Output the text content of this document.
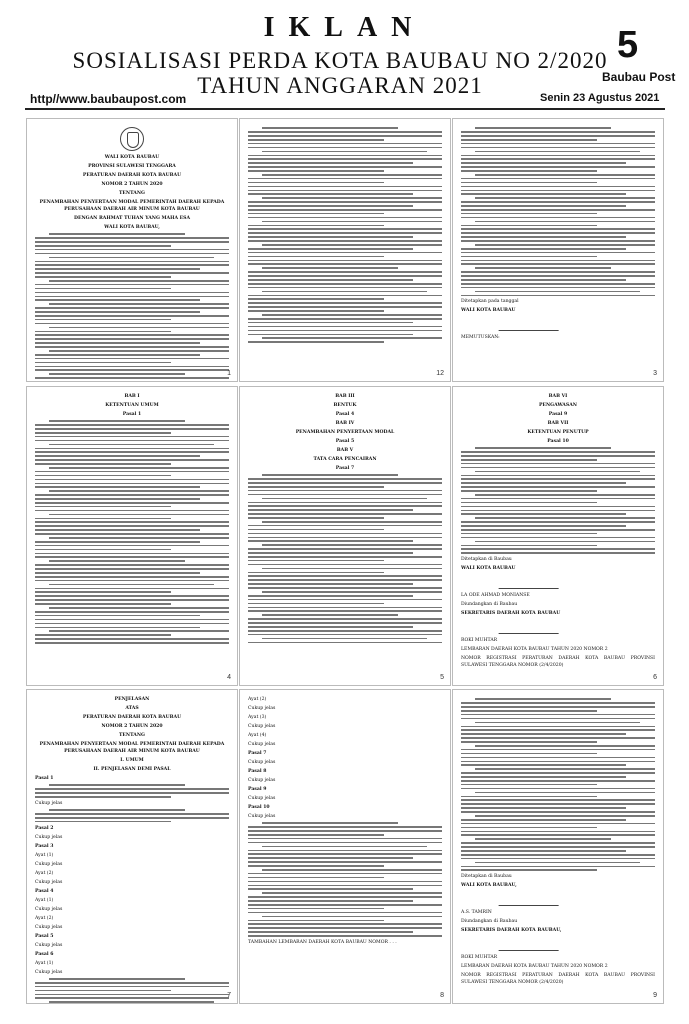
IKLAN
SOSIALISASI PERDA KOTA BAUBAU NO 2/2020
TAHUN ANGGARAN 2021
5
Baubau Post
http//www.baubaupost.com	Senin 23 Agustus 2021

WALI KOTA BAUBAU

PROVINSI SULAWESI TENGGARA

PERATURAN DAERAH KOTA BAUBAU

NOMOR 2 TAHUN 2020

TENTANG

PENAMBAHAN PENYERTAAN MODAL PEMERINTAH DAERAH KEPADA PERUSAHAAN DAERAH AIR MINUM KOTA BAUBAU

DENGAN RAHMAT TUHAN YANG MAHA ESA

WALI KOTA BAUBAU,

1	12

Ditetapkan pada tanggal

WALI KOTA BAUBAU

MEMUTUSKAN:

3

BAB I

KETENTUAN UMUM

Pasal 1

4

BAB III

BENTUK

Pasal 4

BAB IV

PENAMBAHAN PENYERTAAN MODAL

Pasal 5

BAB V

TATA CARA PENCAIRAN

Pasal 7

5

BAB VI

PENGAWASAN

Pasal 9

BAB VII

KETENTUAN PENUTUP

Pasal 10

Ditetapkan di Baubau

WALI KOTA BAUBAU

LA ODE AHMAD MONIANSE

Diundangkan di Baubau

SEKRETARIS DAERAH KOTA BAUBAU

ROKI MUHTAR

LEMBARAN DAERAH KOTA BAUBAU TAHUN 2020 NOMOR 2

NOMOR REGISTRASI PERATURAN DAERAH KOTA BAUBAU PROVINSI SULAWESI TENGGARA NOMOR (2/4/2020)

6

PENJELASAN

ATAS

PERATURAN DAERAH KOTA BAUBAU

NOMOR 2 TAHUN 2020

TENTANG

PENAMBAHAN PENYERTAAN MODAL PEMERINTAH DAERAH KEPADA PERUSAHAAN DAERAH AIR MINUM KOTA BAUBAU

I. UMUM

II. PENJELASAN DEMI PASAL

Pasal 1

Cukup jelas

Pasal 2

Cukup jelas

Pasal 3

Ayat (1)

Cukup jelas

Ayat (2)

Cukup jelas

Pasal 4

Ayat (1)

Cukup jelas

Ayat (2)

Cukup jelas

Pasal 5

Cukup jelas

Pasal 6

Ayat (1)

Cukup jelas

7

Ayat (2)

Cukup jelas

Ayat (3)

Cukup jelas

Ayat (4)

Cukup jelas

Pasal 7

Cukup jelas

Pasal 8

Cukup jelas

Pasal 9

Cukup jelas

Pasal 10

Cukup jelas

TAMBAHAN LEMBARAN DAERAH KOTA BAUBAU NOMOR . . .

8

Ditetapkan di Baubau

WALI KOTA BAUBAU,

A.S. TAMRIN

Diundangkan di Baubau

SEKRETARIS DAERAH KOTA BAUBAU,

ROKI MUHTAR

LEMBARAN DAERAH KOTA BAUBAU TAHUN 2020 NOMOR 2

NOMOR REGISTRASI PERATURAN DAERAH KOTA BAUBAU PROVINSI SULAWESI TENGGARA NOMOR (2/4/2020)

9
